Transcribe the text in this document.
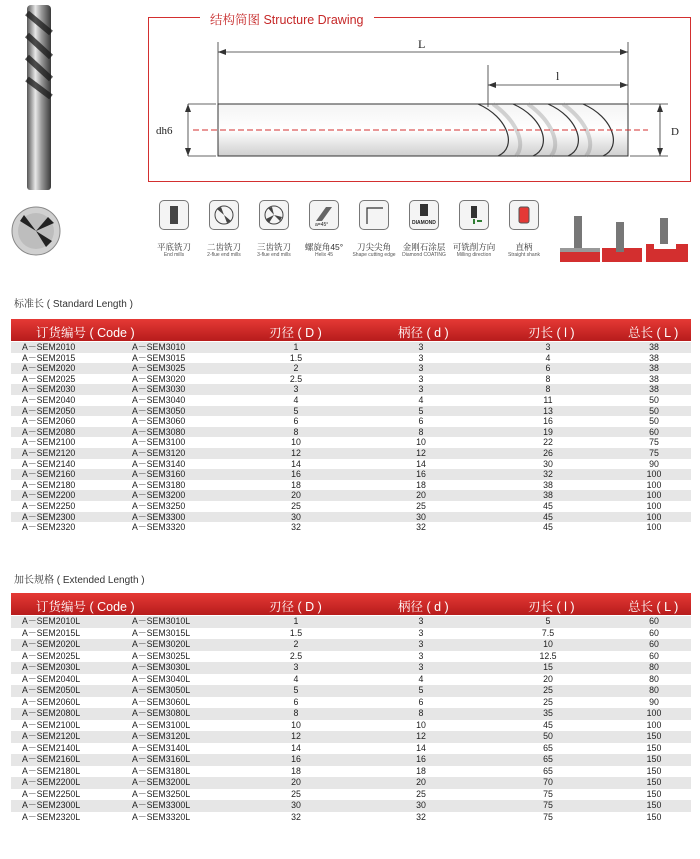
结构简图 Structure Drawing
L
l
dh6	D
平底铣刀
End mills
二齿铣刀
2-flue end mills
三齿铣刀
3-flue end mills
a=45°
螺旋角45°
Helix 45
刀尖尖角
Shape cutting edge
DIAMOND
金刚石涂层
Diamond COATING
可铣削方向
Milling direction
直柄
Straight shank
标准长 ( Standard Length )
订货编号 ( Code )	刃径 ( D )	柄径 ( d )	刃长 ( l )	总长 ( L )
A－SEM2010	A－SEM3010	1	3	3	38
A－SEM2015	A－SEM3015	1.5	3	4	38
A－SEM2020	A－SEM3025	2	3	6	38
A－SEM2025	A－SEM3020	2.5	3	8	38
A－SEM2030	A－SEM3030	3	3	8	38
A－SEM2040	A－SEM3040	4	4	11	50
A－SEM2050	A－SEM3050	5	5	13	50
A－SEM2060	A－SEM3060	6	6	16	50
A－SEM2080	A－SEM3080	8	8	19	60
A－SEM2100	A－SEM3100	10	10	22	75
A－SEM2120	A－SEM3120	12	12	26	75
A－SEM2140	A－SEM3140	14	14	30	90
A－SEM2160	A－SEM3160	16	16	32	100
A－SEM2180	A－SEM3180	18	18	38	100
A－SEM2200	A－SEM3200	20	20	38	100
A－SEM2250	A－SEM3250	25	25	45	100
A－SEM2300	A－SEM3300	30	30	45	100
A－SEM2320	A－SEM3320	32	32	45	100
加长规格 ( Extended Length )
订货编号 ( Code )	刃径 ( D )	柄径 ( d )	刃长 ( l )	总长 ( L )
A－SEM2010L	A－SEM3010L	1	3	5	60
A－SEM2015L	A－SEM3015L	1.5	3	7.5	60
A－SEM2020L	A－SEM3020L	2	3	10	60
A－SEM2025L	A－SEM3025L	2.5	3	12.5	60
A－SEM2030L	A－SEM3030L	3	3	15	80
A－SEM2040L	A－SEM3040L	4	4	20	80
A－SEM2050L	A－SEM3050L	5	5	25	80
A－SEM2060L	A－SEM3060L	6	6	25	90
A－SEM2080L	A－SEM3080L	8	8	35	100
A－SEM2100L	A－SEM3100L	10	10	45	100
A－SEM2120L	A－SEM3120L	12	12	50	150
A－SEM2140L	A－SEM3140L	14	14	65	150
A－SEM2160L	A－SEM3160L	16	16	65	150
A－SEM2180L	A－SEM3180L	18	18	65	150
A－SEM2200L	A－SEM3200L	20	20	70	150
A－SEM2250L	A－SEM3250L	25	25	75	150
A－SEM2300L	A－SEM3300L	30	30	75	150
A－SEM2320L	A－SEM3320L	32	32	75	150
